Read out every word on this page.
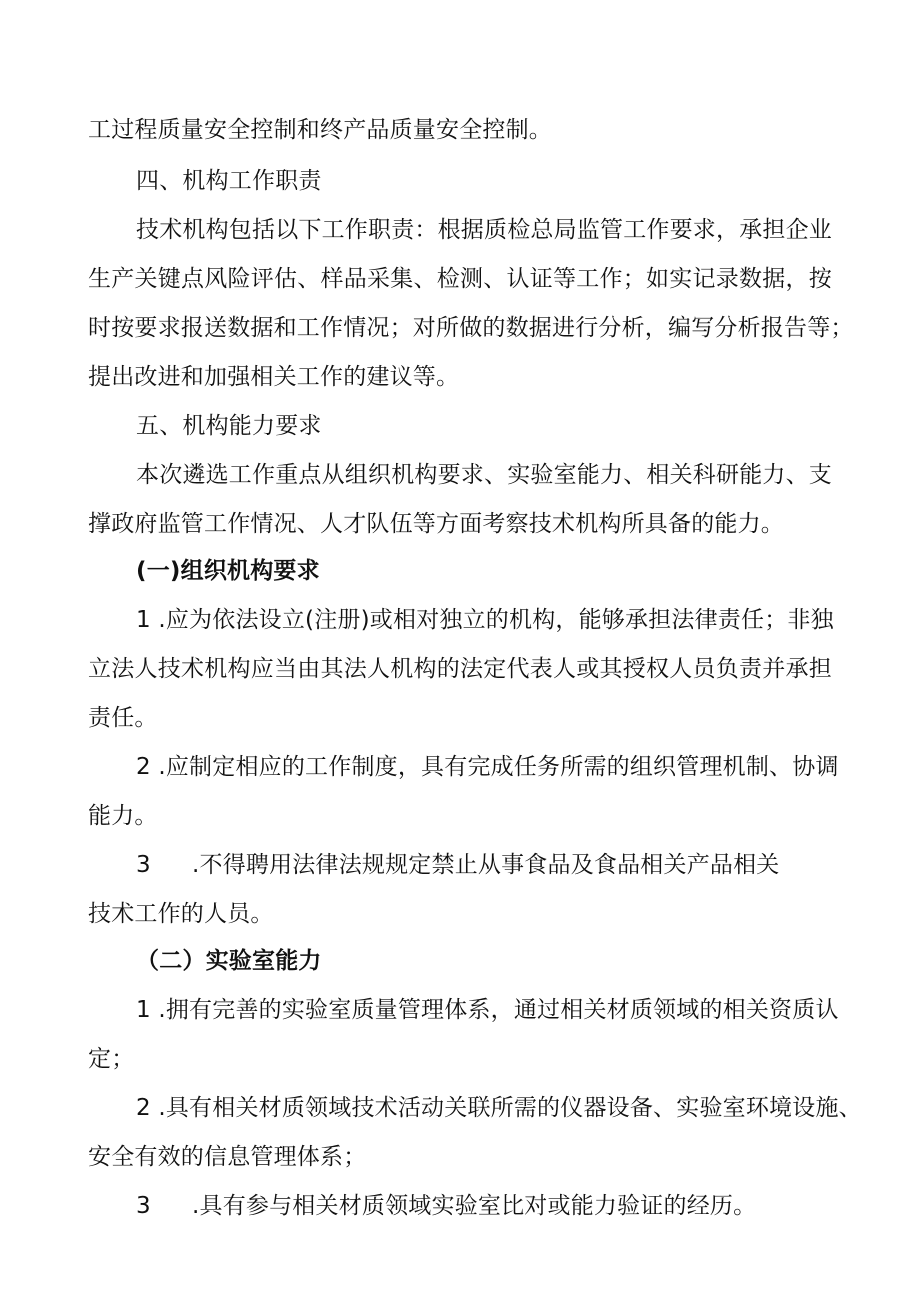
工过程质量安全控制和终产品质量安全控制。
四、机构工作职责
技术机构包括以下工作职责：根据质检总局监管工作要求，承担企业
生产关键点风险评估、样品采集、检测、认证等工作；如实记录数据，按
时按要求报送数据和工作情况；对所做的数据进行分析，编写分析报告等；
提出改进和加强相关工作的建议等。
五、机构能力要求
本次遴选工作重点从组织机构要求、实验室能力、相关科研能力、支
撑政府监管工作情况、人才队伍等方面考察技术机构所具备的能力。
(一)组织机构要求
1 .应为依法设立(注册)或相对独立的机构，能够承担法律责任；非独
立法人技术机构应当由其法人机构的法定代表人或其授权人员负责并承担
责任。
2 .应制定相应的工作制度，具有完成任务所需的组织管理机制、协调
能力。
3 .不得聘用法律法规规定禁止从事食品及食品相关产品相关
技术工作的人员。
（二）实验室能力
1 .拥有完善的实验室质量管理体系，通过相关材质领域的相关资质认
定；
2 .具有相关材质领域技术活动关联所需的仪器设备、实验室环境设施、
安全有效的信息管理体系；
3 .具有参与相关材质领域实验室比对或能力验证的经历。
